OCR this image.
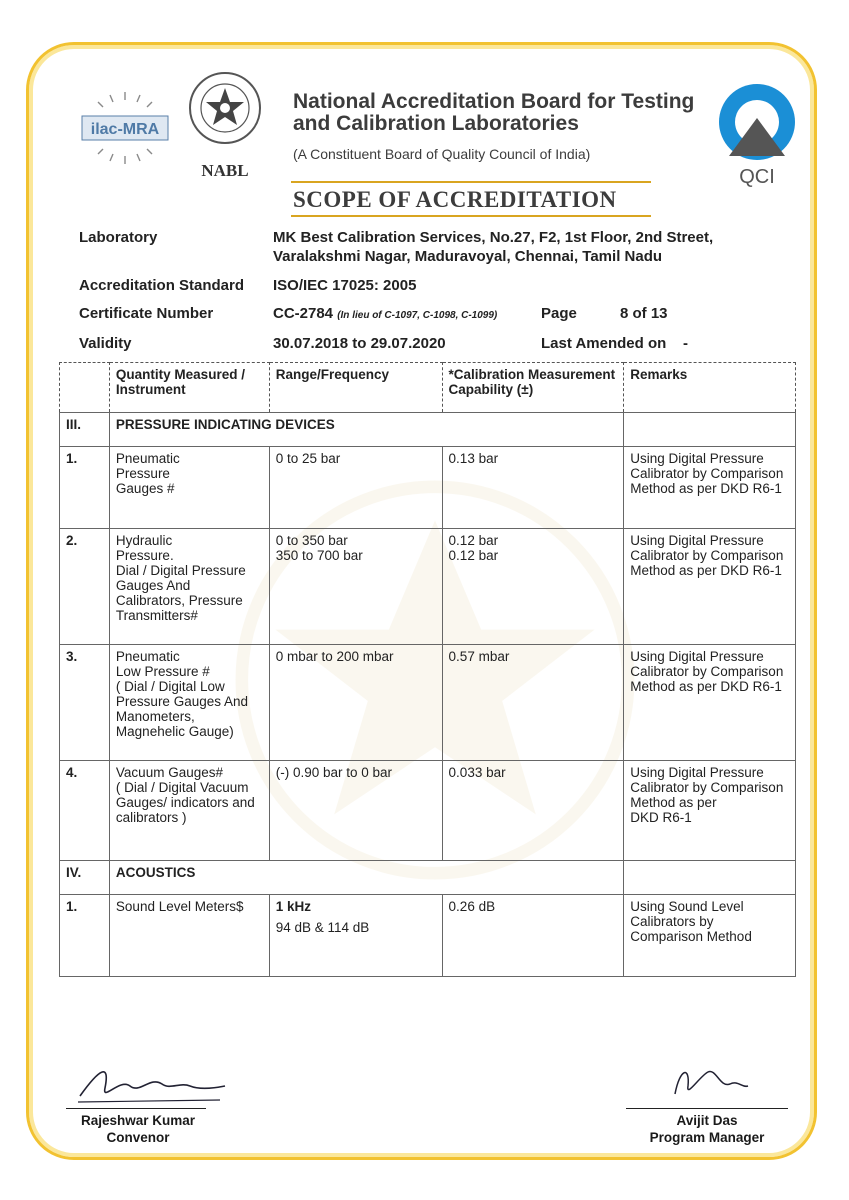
ilac-MRA
NABL	QCI
National Accreditation Board for Testing and Calibration Laboratories
(A Constituent Board of Quality Council of India)
SCOPE OF ACCREDITATION
Laboratory	MK Best Calibration Services, No.27, F2, 1st Floor, 2nd Street,
Varalakshmi Nagar, Maduravoyal, Chennai, Tamil Nadu
Accreditation Standard ISO/IEC 17025: 2005
Certificate Number	CC-2784 (In lieu of C-1097, C-1098, C-1099)	Page	8 of 13
Validity	30.07.2018 to 29.07.2020	Last Amended on -
	Quantity Measured / Instrument	Range/Frequency	*Calibration Measurement Capability (±)	Remarks
III.	PRESSURE INDICATING DEVICES			
1.	Pneumatic
Pressure
Gauges #	0 to 25 bar	0.13 bar	Using Digital Pressure Calibrator by Comparison Method as per DKD R6-1
2.	Hydraulic
Pressure.
Dial / Digital Pressure Gauges And Calibrators, Pressure Transmitters#	0 to 350 bar
350 to 700 bar	0.12 bar
0.12 bar	Using Digital Pressure Calibrator by Comparison Method as per DKD R6-1
3.	Pneumatic
Low Pressure #
( Dial / Digital Low Pressure Gauges And Manometers, Magnehelic Gauge)	0 mbar to 200 mbar	0.57 mbar	Using Digital Pressure Calibrator by Comparison Method as per DKD R6-1
4.	Vacuum Gauges#
( Dial / Digital Vacuum Gauges/ indicators and calibrators )	(-) 0.90 bar to 0 bar	0.033 bar	Using Digital Pressure Calibrator by Comparison Method as per
DKD R6-1
IV.	ACOUSTICS			
1.	Sound Level Meters$	1 kHz
94 dB & 114 dB	0.26 dB	Using Sound Level Calibrators by Comparison Method
Rajeshwar Kumar
Convenor
Avijit Das
Program Manager
